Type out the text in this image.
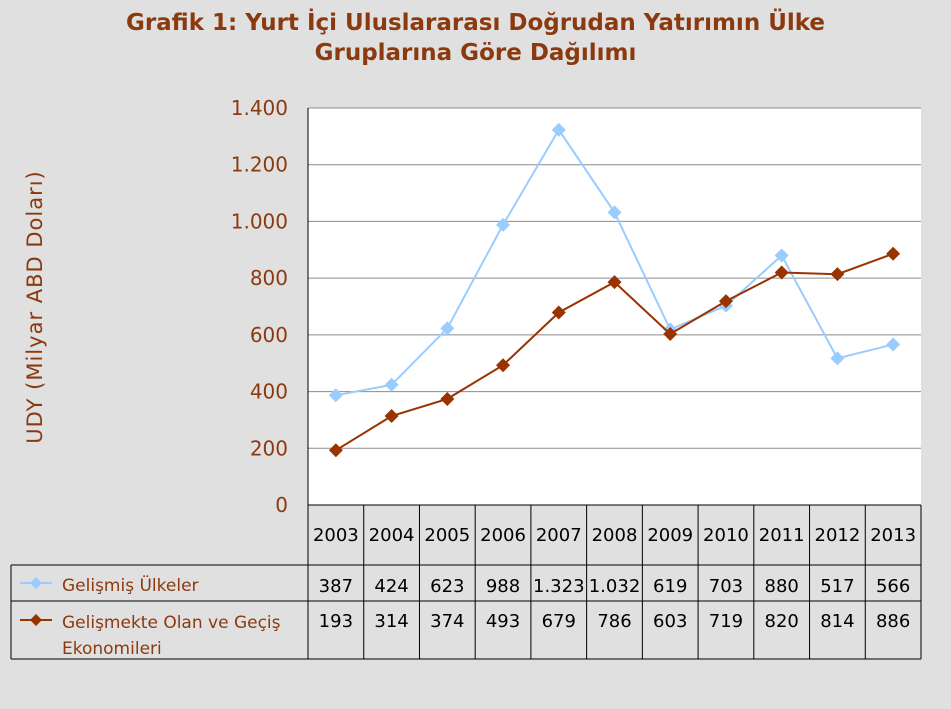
Grafik 1: Yurt İçi Uluslararası Doğrudan Yatırımın Ülke
Gruplarına Göre Dağılımı
0
200
400
600
800
1.000
1.200
1.400
UDY (Milyar ABD Doları)
2003 2004 2005 2006 2007 2008 2009 2010 2011 2012 2013
Gelişmiş Ülkeler	387 424 623 988 1.323 1.032 619 703 880 517 566
Gelişmekte Olan ve Geçiş
Ekonomileri
193 314 374 493 679 786 603 719 820 814 886
